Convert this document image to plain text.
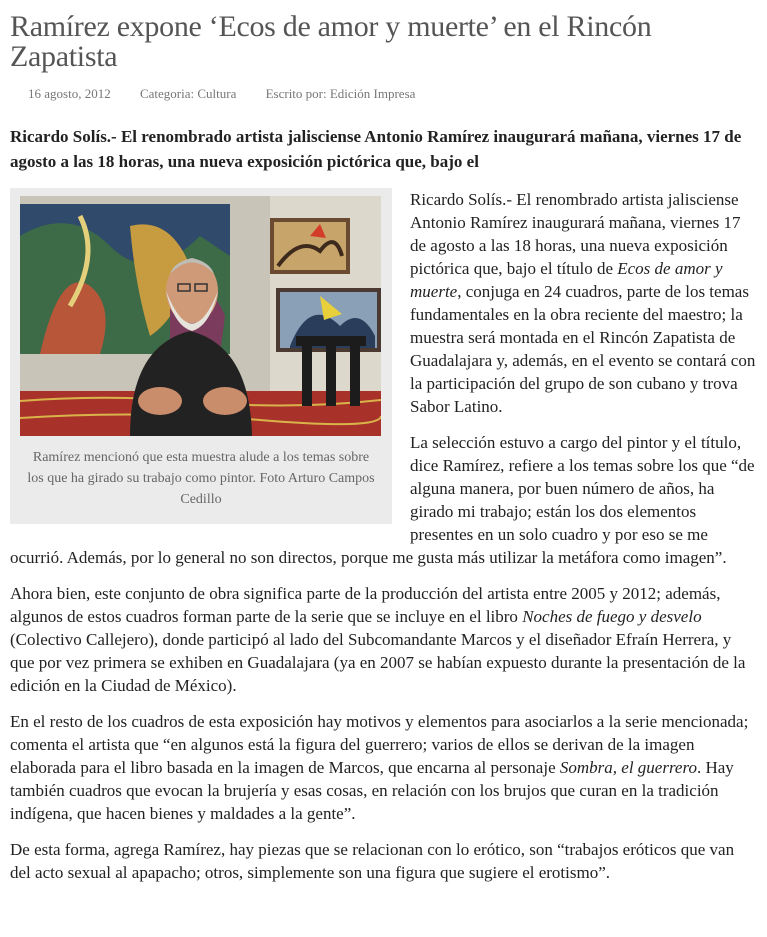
Ramírez expone ‘Ecos de amor y muerte’ en el Rincón Zapatista
16 agosto, 2012 Categoria: Cultura Escrito por: Edición Impresa

Ricardo Solís.- El renombrado artista jalisciense Antonio Ramírez inaugurará mañana, viernes 17 de agosto a las 18 horas, una nueva exposición pictórica que, bajo el

Ramírez mencionó que esta muestra alude a los temas sobre los que ha girado su trabajo como pintor. Foto Arturo Campos Cedillo

Ricardo Solís.- El renombrado artista jalisciense Antonio Ramírez inaugurará mañana, viernes 17 de agosto a las 18 horas, una nueva exposición pictórica que, bajo el título de Ecos de amor y muerte, conjuga en 24 cuadros, parte de los temas fundamentales en la obra reciente del maestro; la muestra será montada en el Rincón Zapatista de Guadalajara y, además, en el evento se contará con la participación del grupo de son cubano y trova Sabor Latino.

La selección estuvo a cargo del pintor y el título, dice Ramírez, refiere a los temas sobre los que “de alguna manera, por buen número de años, ha girado mi trabajo; están los dos elementos presentes en un solo cuadro y por eso se me ocurrió. Además, por lo general no son directos, porque me gusta más utilizar la metáfora como imagen”.

Ahora bien, este conjunto de obra significa parte de la producción del artista entre 2005 y 2012; además, algunos de estos cuadros forman parte de la serie que se incluye en el libro Noches de fuego y desvelo (Colectivo Callejero), donde participó al lado del Subcomandante Marcos y el diseñador Efraín Herrera, y que por vez primera se exhiben en Guadalajara (ya en 2007 se habían expuesto durante la presentación de la edición en la Ciudad de México).

En el resto de los cuadros de esta exposición hay motivos y elementos para asociarlos a la serie mencionada; comenta el artista que “en algunos está la figura del guerrero; varios de ellos se derivan de la imagen elaborada para el libro basada en la imagen de Marcos, que encarna al personaje Sombra, el guerrero. Hay también cuadros que evocan la brujería y esas cosas, en relación con los brujos que curan en la tradición indígena, que hacen bienes y maldades a la gente”.

De esta forma, agrega Ramírez, hay piezas que se relacionan con lo erótico, son “trabajos eróticos que van del acto sexual al apapacho; otros, simplemente son una figura que sugiere el erotismo”.
